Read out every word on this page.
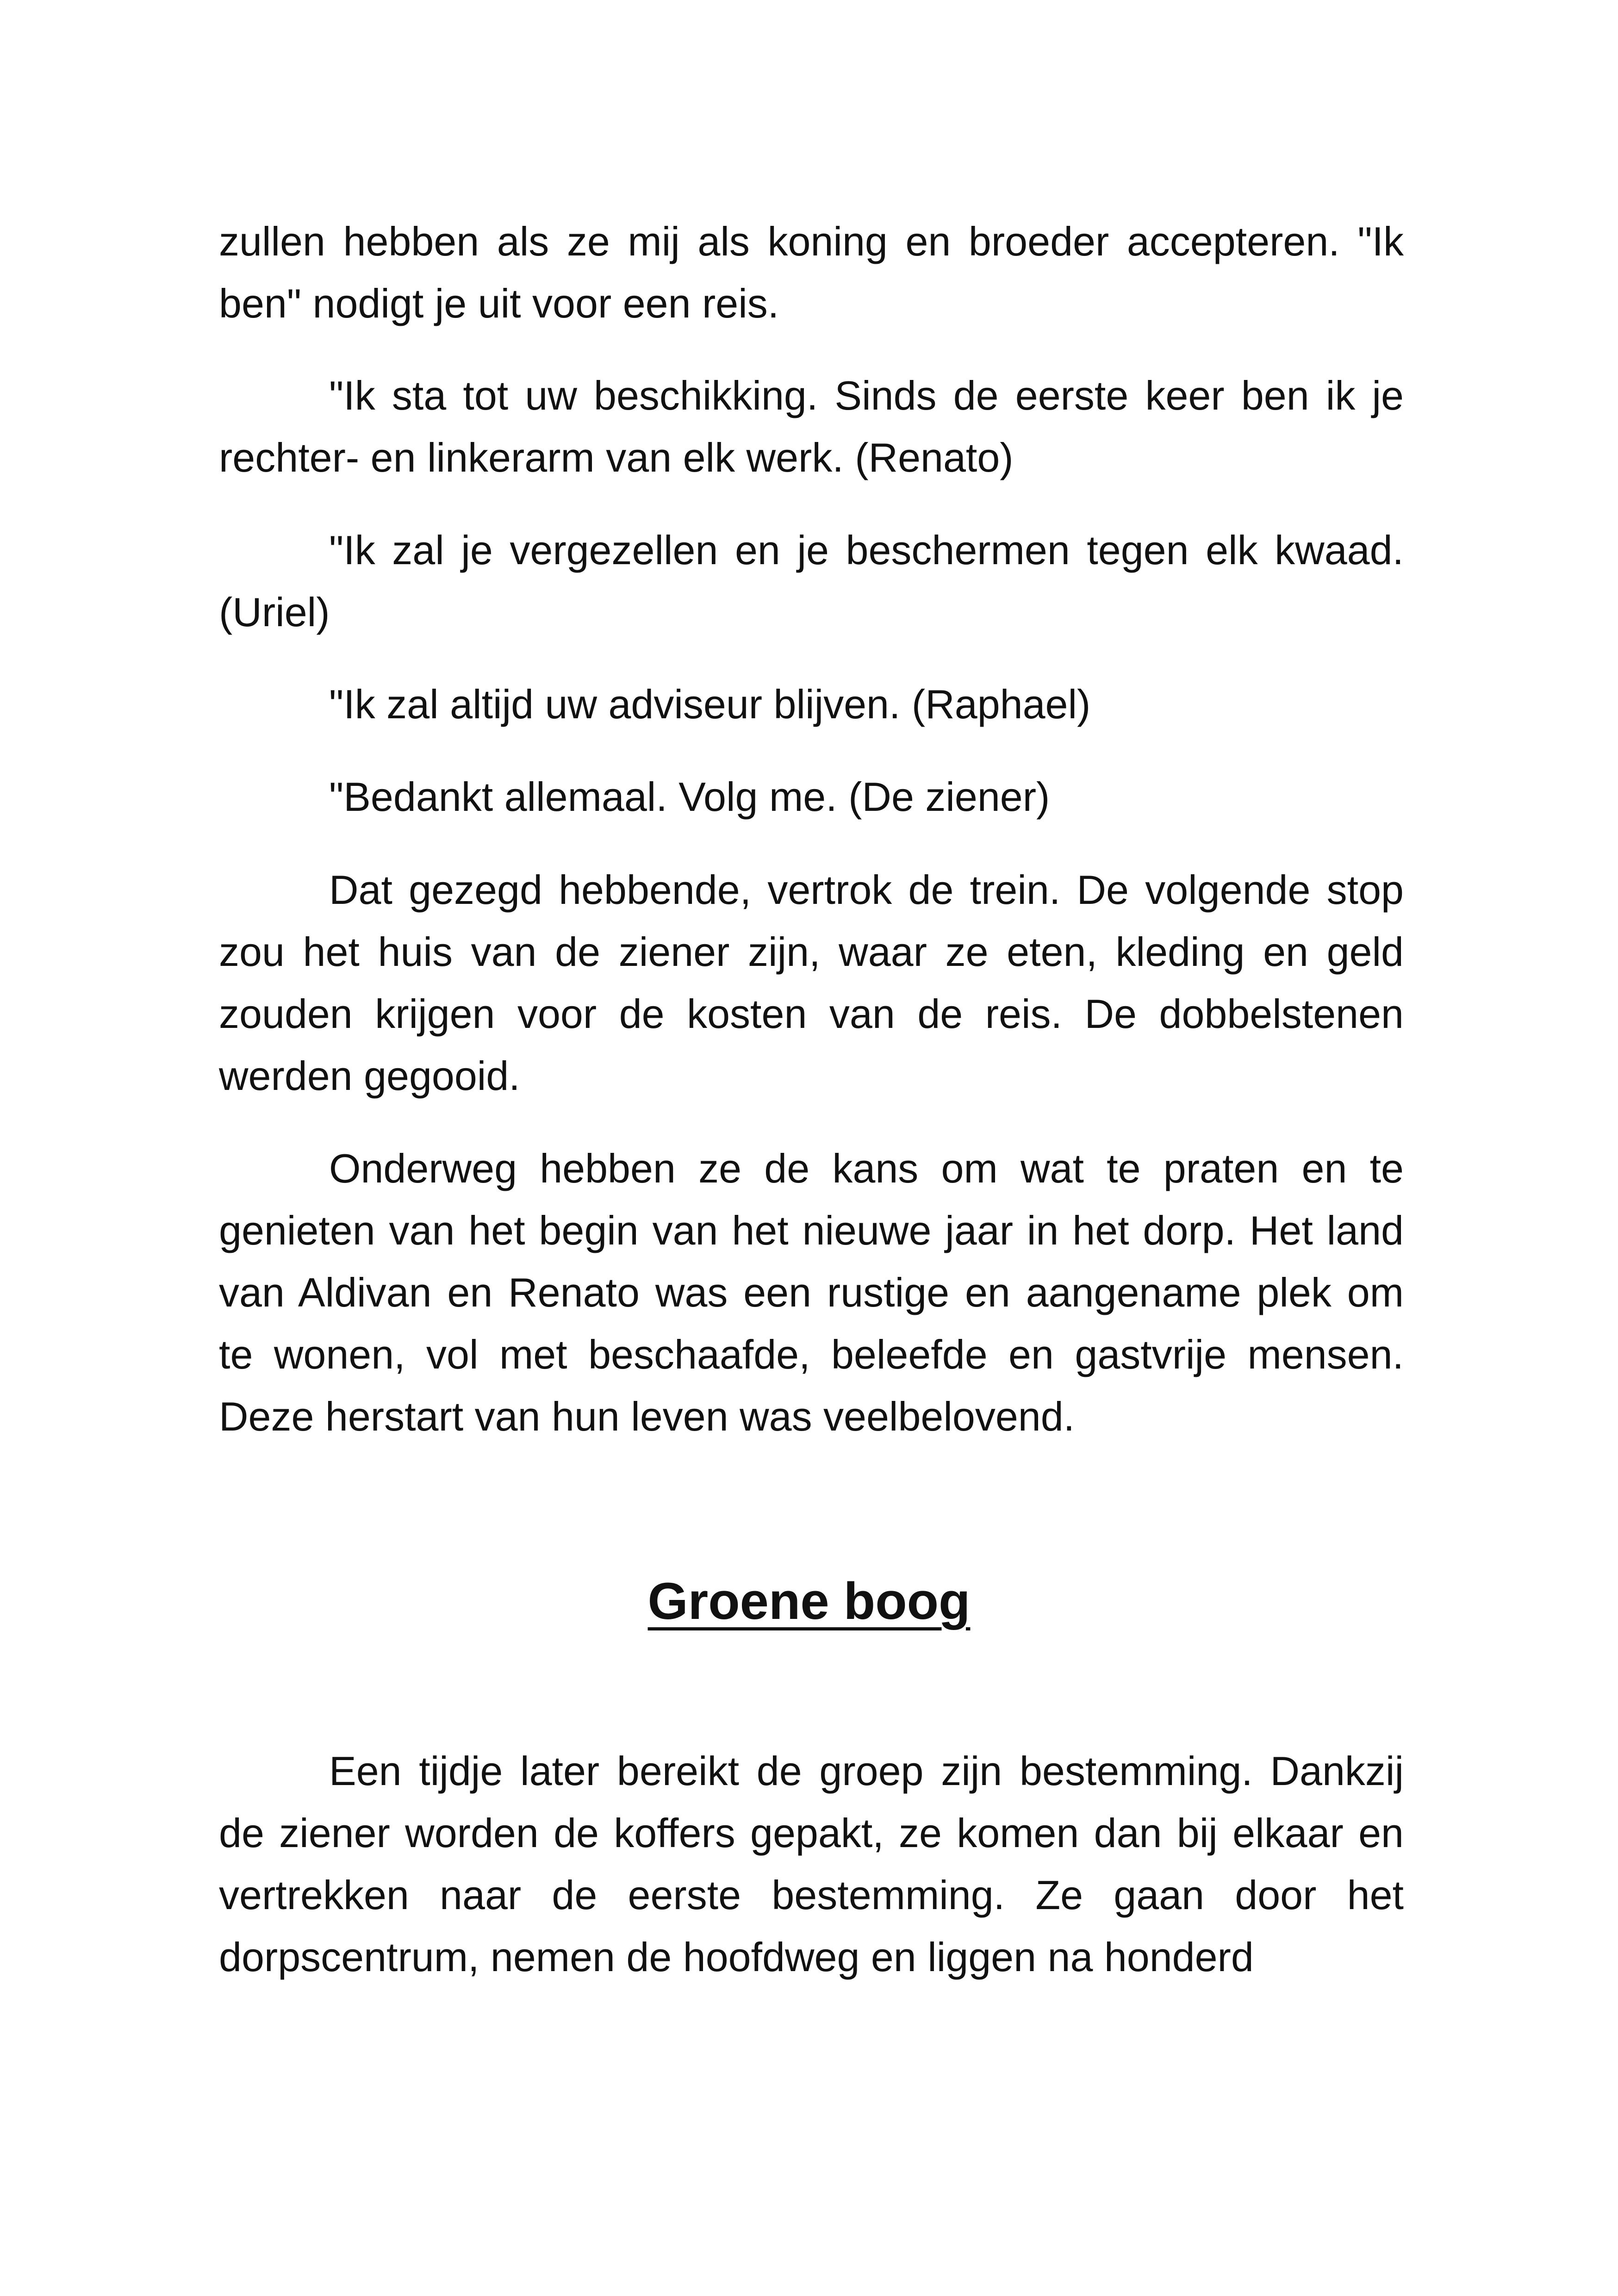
zullen hebben als ze mij als koning en broeder accepteren. "Ik ben" nodigt je uit voor een reis.

"Ik sta tot uw beschikking. Sinds de eerste keer ben ik je rechter- en linkerarm van elk werk. (Renato)

"Ik zal je vergezellen en je beschermen tegen elk kwaad. (Uriel)

"Ik zal altijd uw adviseur blijven. (Raphael)

"Bedankt allemaal. Volg me. (De ziener)

Dat gezegd hebbende, vertrok de trein. De volgende stop zou het huis van de ziener zijn, waar ze eten, kleding en geld zouden krijgen voor de kosten van de reis. De dobbelstenen werden gegooid.

Onderweg hebben ze de kans om wat te praten en te genieten van het begin van het nieuwe jaar in het dorp. Het land van Aldivan en Renato was een rustige en aangename plek om te wonen, vol met beschaafde, beleefde en gastvrije mensen. Deze herstart van hun leven was veelbelovend.

Groene boog

Een tijdje later bereikt de groep zijn bestemming. Dankzij de ziener worden de koffers gepakt, ze komen dan bij elkaar en vertrekken naar de eerste bestemming. Ze gaan door het dorpscentrum, nemen de hoofdweg en liggen na honderd
